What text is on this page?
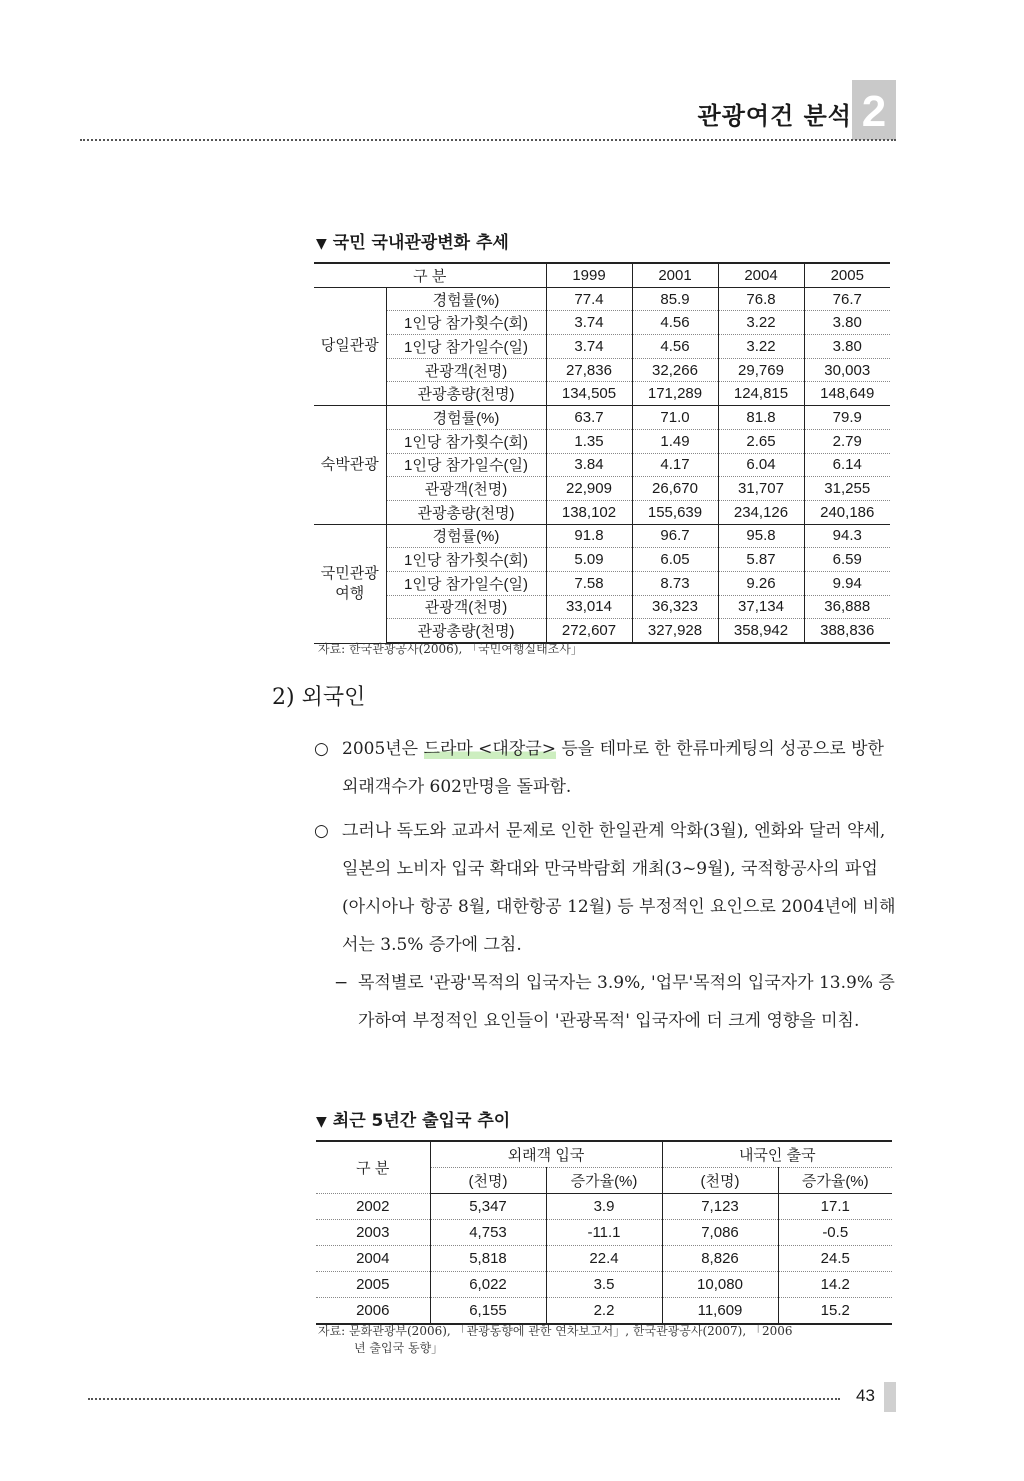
관광여건 분석 2
▼ 국민 국내관광변화 추세
구 분		1999	2001	2004	2005
당일관광	경험률(%)	77.4	85.9	76.8	76.7
	1인당 참가횟수(회)	3.74	4.56	3.22	3.80
	1인당 참가일수(일)	3.74	4.56	3.22	3.80
	관광객(천명)	27,836	32,266	29,769	30,003
	관광총량(천명)	134,505	171,289	124,815	148,649
숙박관광	경험률(%)	63.7	71.0	81.8	79.9
	1인당 참가횟수(회)	1.35	1.49	2.65	2.79
	1인당 참가일수(일)	3.84	4.17	6.04	6.14
	관광객(천명)	22,909	26,670	31,707	31,255
	관광총량(천명)	138,102	155,639	234,126	240,186
국민관광
여행	경험률(%)	91.8	96.7	95.8	94.3
	1인당 참가횟수(회)	5.09	6.05	5.87	6.59
	1인당 참가일수(일)	7.58	8.73	9.26	9.94
	관광객(천명)	33,014	36,323	37,134	36,888
	관광총량(천명)	272,607	327,928	358,942	388,836
자료: 한국관광공사(2006), 「국민여행실태조사」
2) 외국인
○ 2005년은 드라마 <대장금> 등을 테마로 한 한류마케팅의 성공으로 방한외래객수가 602만명을 돌파함.
○ 그러나 독도와 교과서 문제로 인한 한일관계 악화(3월), 엔화와 달러 약세, 일본의 노비자 입국 확대와 만국박람회 개최(3~9월), 국적항공사의 파업(아시아나 항공 8월, 대한항공 12월) 등 부정적인 요인으로 2004년에 비해서는 3.5% 증가에 그침.
− 목적별로 '관광'목적의 입국자는 3.9%, '업무'목적의 입국자가 13.9% 증가하여 부정적인 요인들이 '관광목적' 입국자에 더 크게 영향을 미침.
▼ 최근 5년간 출입국 추이
구 분	외래객 입국		내국인 출국	
	(천명)	증가율(%)	(천명)	증가율(%)
2002	5,347	3.9	7,123	17.1
2003	4,753	-11.1	7,086	-0.5
2004	5,818	22.4	8,826	24.5
2005	6,022	3.5	10,080	14.2
2006	6,155	2.2	11,609	15.2
자료: 문화관광부(2006), 「관광동향에 관한 연차보고서」, 한국관광공사(2007), 「2006
년 출입국 동향」
43
